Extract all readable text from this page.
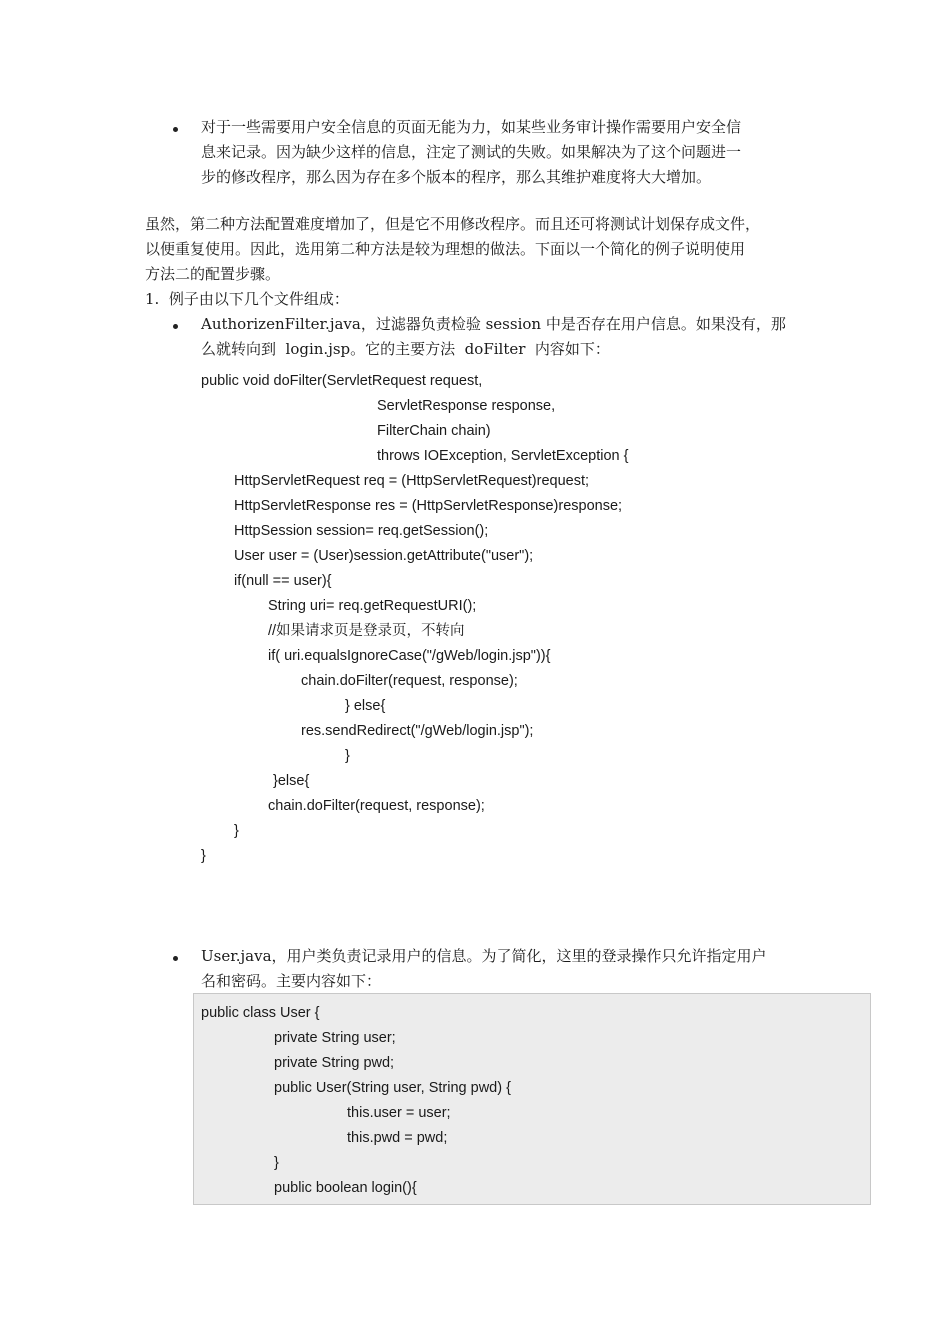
对于一些需要用户安全信息的页面无能为力，如某些业务审计操作需要用户安全信
息来记录。因为缺少这样的信息，注定了测试的失败。如果解决为了这个问题进一
步的修改程序，那么因为存在多个版本的程序，那么其维护难度将大大增加。
虽然，第二种方法配置难度增加了，但是它不用修改程序。而且还可将测试计划保存成文件，
以便重复使用。因此，选用第二种方法是较为理想的做法。下面以一个简化的例子说明使用
方法二的配置步骤。
1.  例子由以下几个文件组成：
AuthorizenFilter.java，过滤器负责检验 session 中是否存在用户信息。如果没有，那
么就转向到  login.jsp。它的主要方法  doFilter  内容如下：
public void doFilter(ServletRequest request,
ServletResponse response,
FilterChain chain)
throws IOException, ServletException {
HttpServletRequest req = (HttpServletRequest)request;
HttpServletResponse res = (HttpServletResponse)response;
HttpSession session= req.getSession();
User user = (User)session.getAttribute("user");
if(null == user){
String uri= req.getRequestURI();
//如果请求页是登录页，不转向
if( uri.equalsIgnoreCase("/gWeb/login.jsp")){
chain.doFilter(request, response);
} else{
res.sendRedirect("/gWeb/login.jsp");
}
}else{
chain.doFilter(request, response);
}
}
User.java，用户类负责记录用户的信息。为了简化，这里的登录操作只允许指定用户
名和密码。主要内容如下：
public class User {
private String user;
private String pwd;
public User(String user, String pwd) {
this.user = user;
this.pwd = pwd;
}
public boolean login(){
